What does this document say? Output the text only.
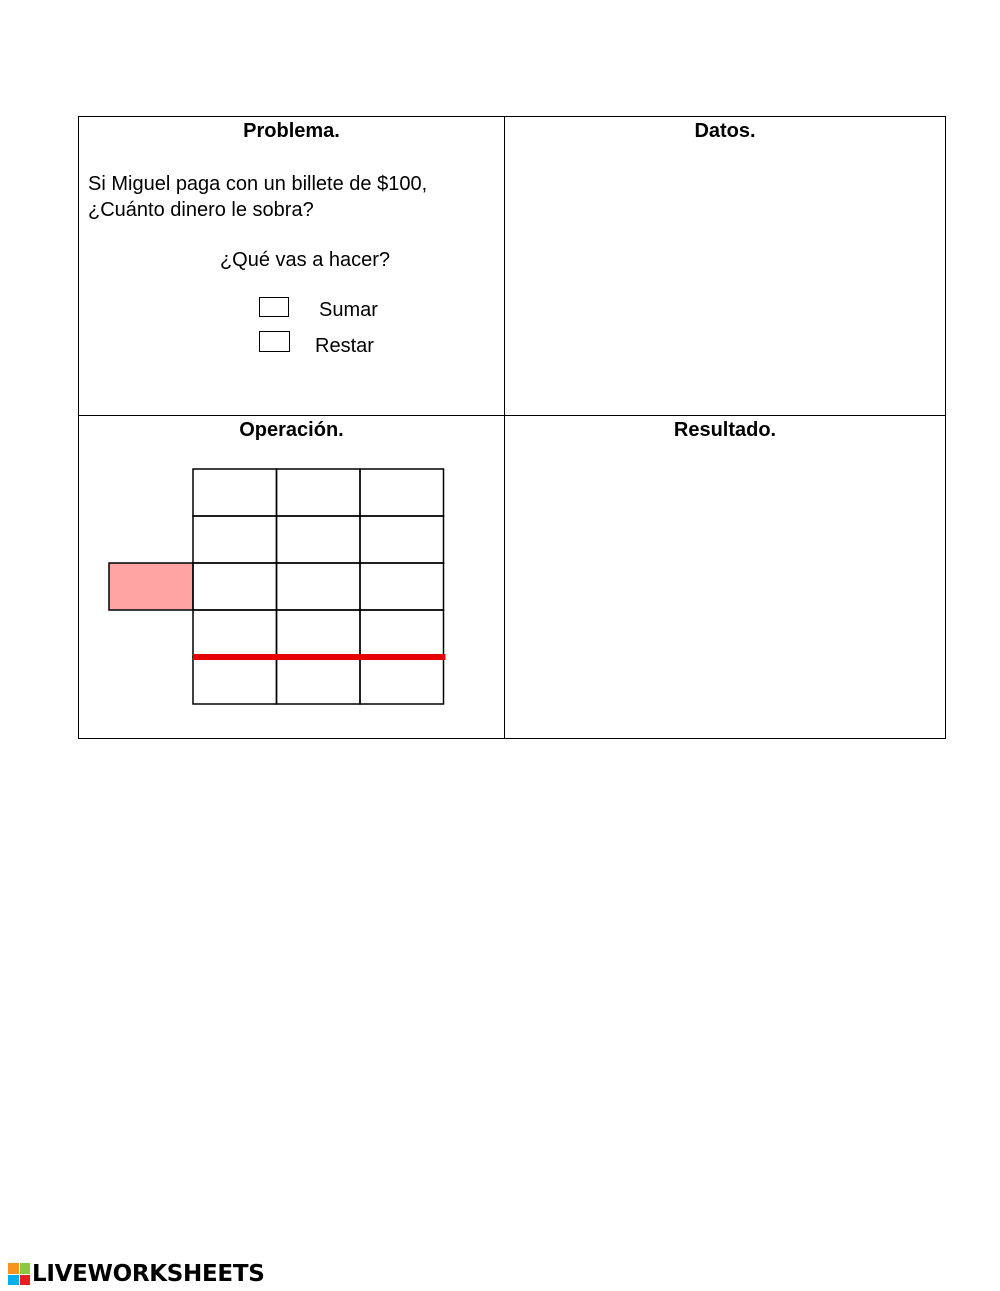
Problema.
Si Miguel paga con un billete de $100,
¿Cuánto dinero le sobra?
¿Qué vas a hacer?
Sumar
Restar
Datos.
Operación.	Resultado.
LIVEWORKSHEETS
